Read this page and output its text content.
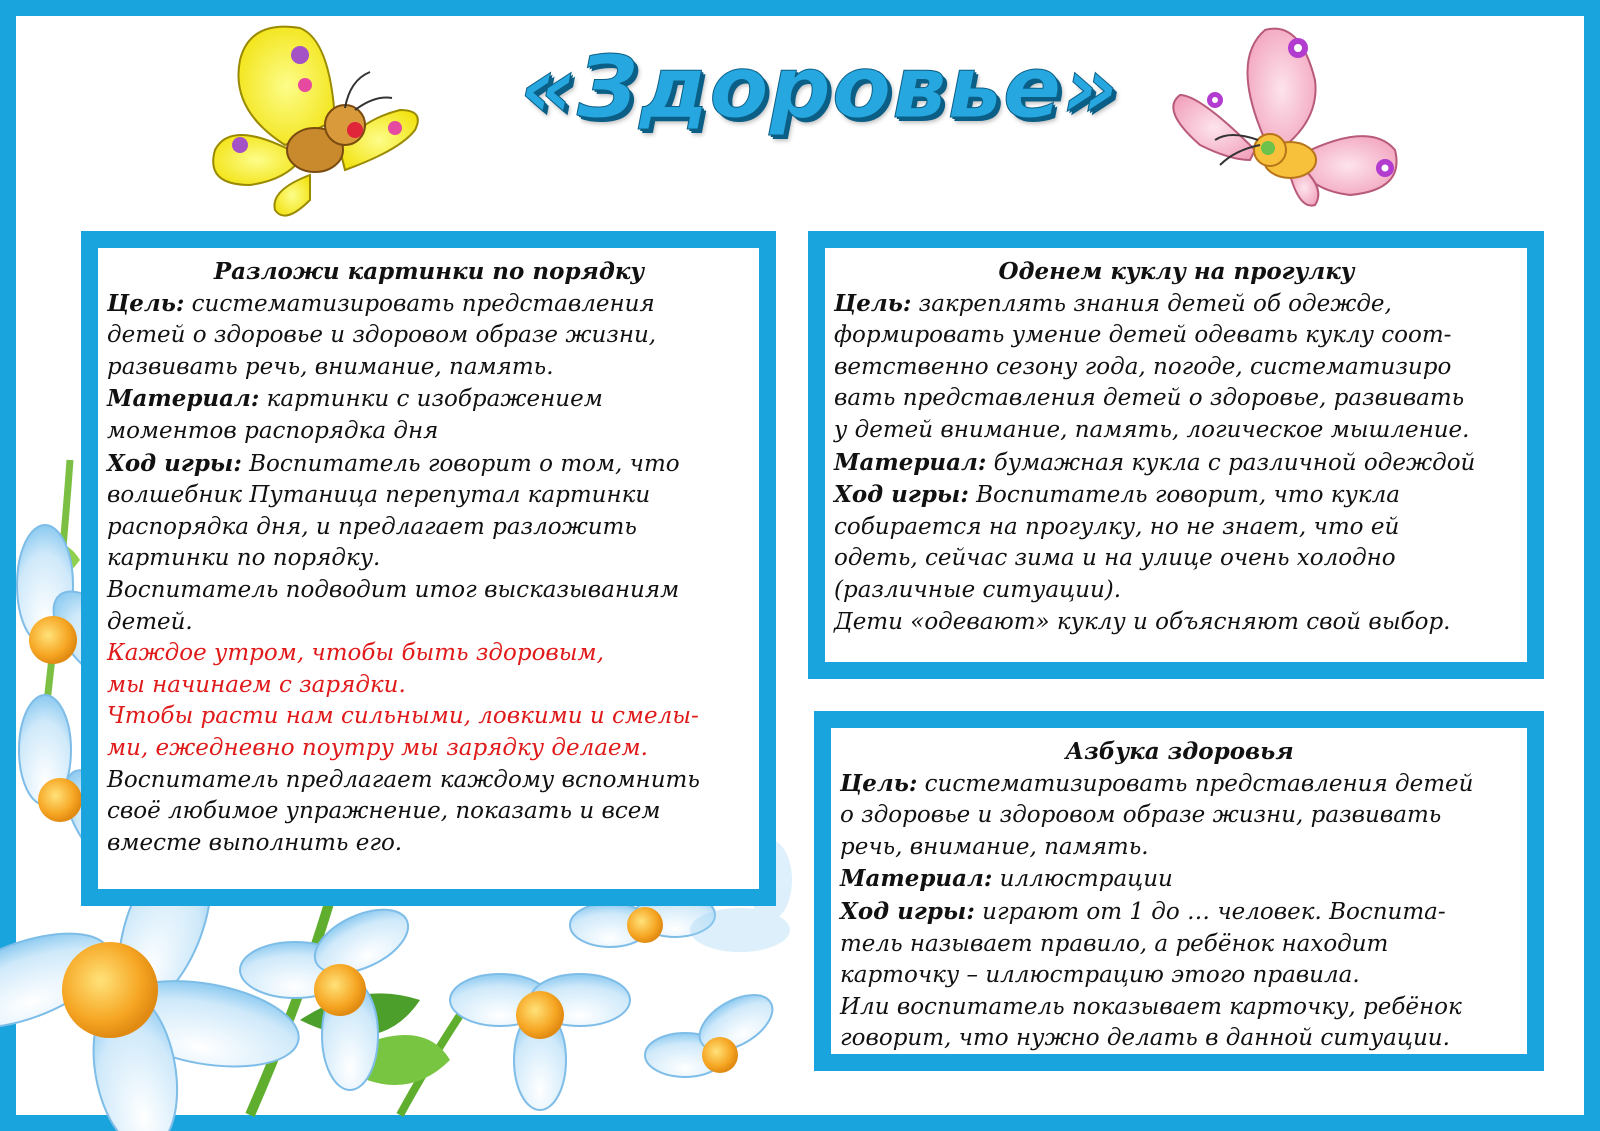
«Здоровье»
Разложи картинки по порядку

Цель: систематизировать представления
детей о здоровье и здоровом образе жизни,
развивать речь, внимание, память.

Материал: картинки с изображением
моментов распорядка дня

Ход игры: Воспитатель говорит о том, что
волшебник Путаница перепутал картинки
распорядка дня, и предлагает разложить
картинки по порядку.
Воспитатель подводит итог высказываниям
детей.

Каждое утром, чтобы быть здоровым,
мы начинаем с зарядки.
Чтобы расти нам сильными, ловкими и смелы-
ми, ежедневно поутру мы зарядку делаем.

Воспитатель предлагает каждому вспомнить
своё любимое упражнение, показать и всем
вместе выполнить его.

Оденем куклу на прогулку

Цель: закреплять знания детей об одежде,
формировать умение детей одевать куклу соот-
ветственно сезону года, погоде, систематизиро
вать представления детей о здоровье, развивать
у детей внимание, память, логическое мышление.

Материал: бумажная кукла с различной одеждой

Ход игры: Воспитатель говорит, что кукла
собирается на прогулку, но не знает, что ей
одеть, сейчас зима и на улице очень холодно
(различные ситуации).
Дети «одевают» куклу и объясняют свой выбор.

Азбука здоровья

Цель: систематизировать представления детей
о здоровье и здоровом образе жизни, развивать
речь, внимание, память.

Материал: иллюстрации

Ход игры: играют от 1 до … человек. Воспита-
тель называет правило, а ребёнок находит
карточку – иллюстрацию этого правила.
Или воспитатель показывает карточку, ребёнок
говорит, что нужно делать в данной ситуации.
